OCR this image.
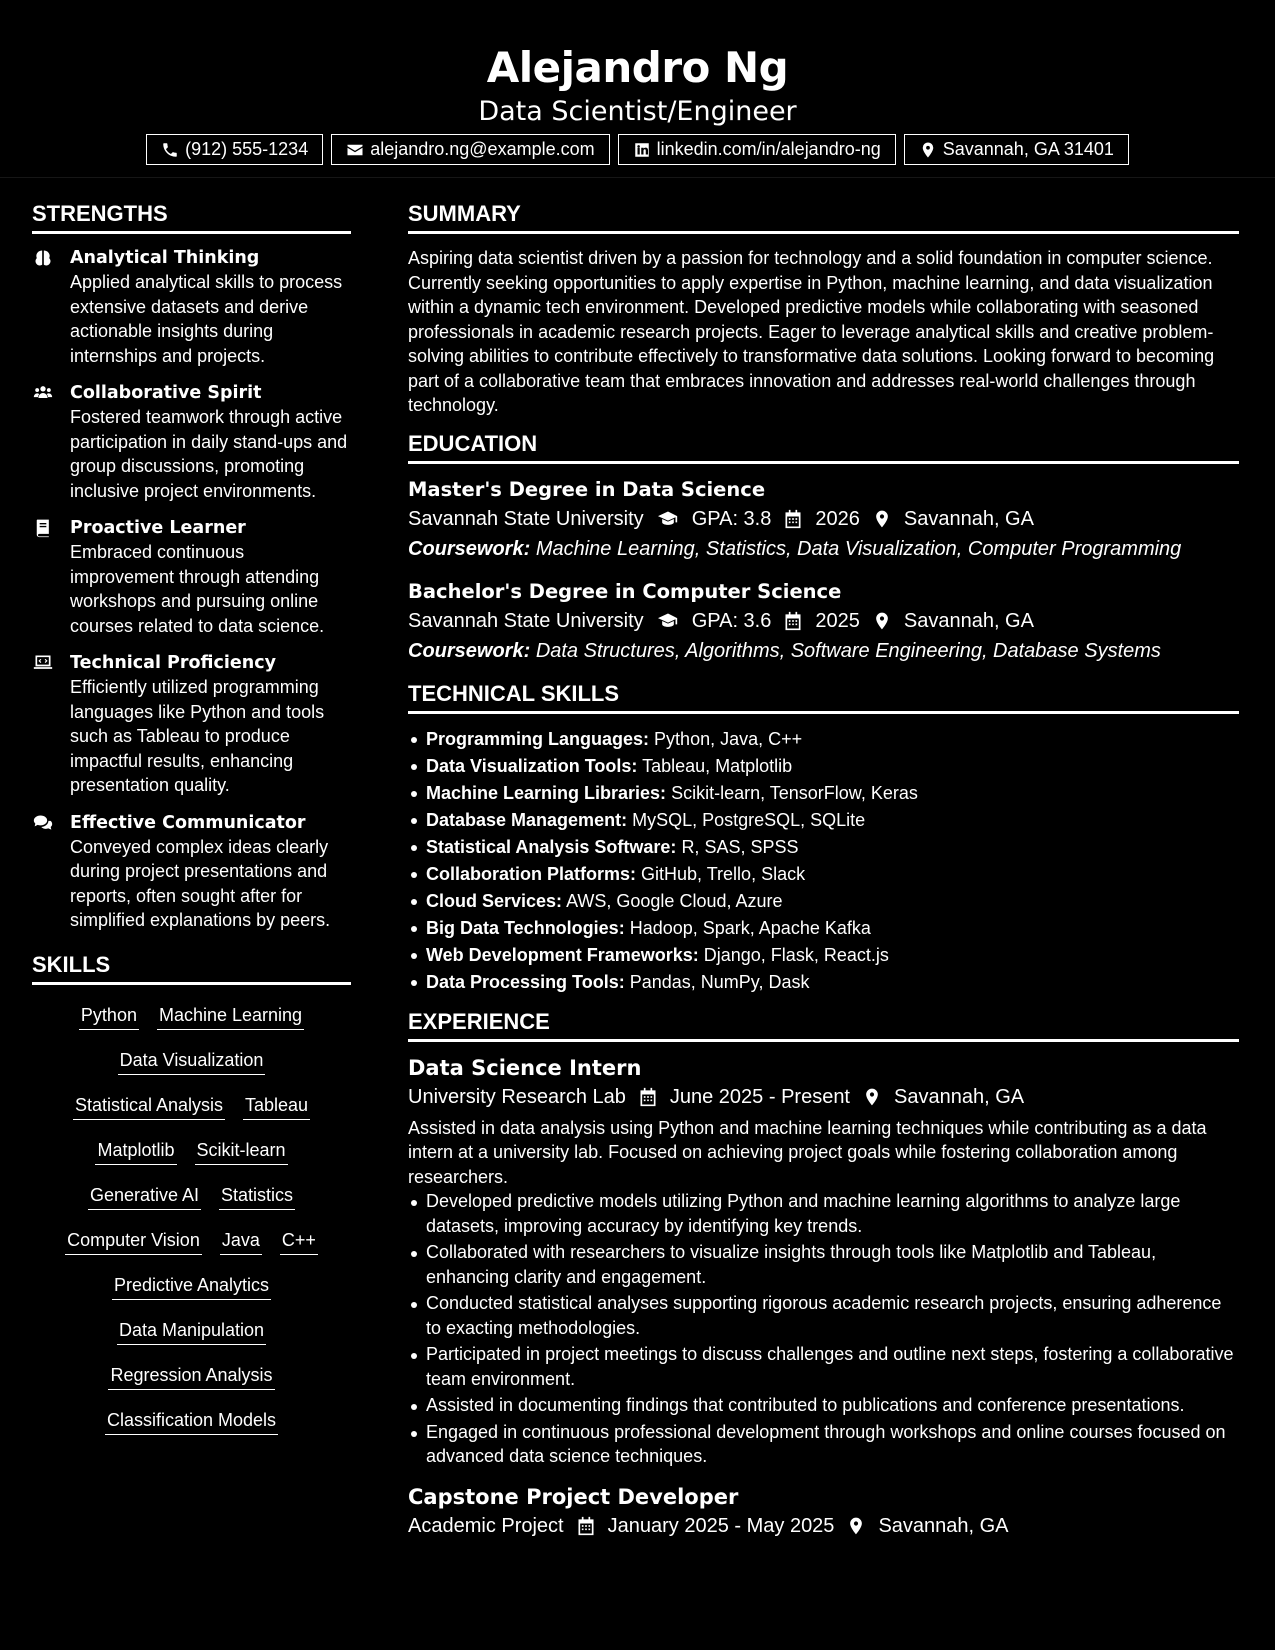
Alejandro Ng
Data Scientist/Engineer
(912) 555-1234	alejandro.ng@example.com	linkedin.com/in/alejandro-ng	Savannah, GA 31401
STRENGTHS
Analytical Thinking

Applied analytical skills to process extensive datasets and derive actionable insights during internships and projects.

Collaborative Spirit

Fostered teamwork through active participation in daily stand-ups and group discussions, promoting inclusive project environments.

Proactive Learner

Embraced continuous improvement through attending workshops and pursuing online courses related to data science.

Technical Proficiency

Efficiently utilized programming languages like Python and tools such as Tableau to produce impactful results, enhancing presentation quality.

Effective Communicator

Conveyed complex ideas clearly during project presentations and reports, often sought after for simplified explanations by peers.

SKILLS
Python Machine Learning
Data Visualization
Statistical Analysis Tableau
Matplotlib Scikit-learn
Generative AI Statistics
Computer Vision Java C++
Predictive Analytics
Data Manipulation
Regression Analysis
Classification Models
SUMMARY

Aspiring data scientist driven by a passion for technology and a solid foundation in computer science. Currently seeking opportunities to apply expertise in Python, machine learning, and data visualization within a dynamic tech environment. Developed predictive models while collaborating with seasoned professionals in academic research projects. Eager to leverage analytical skills and creative problem-solving abilities to contribute effectively to transformative data solutions. Looking forward to becoming part of a collaborative team that embraces innovation and addresses real-world challenges through technology.

EDUCATION
Master's Degree in Data Science
Savannah State University GPA: 3.8 2026 Savannah, GA
Coursework: Machine Learning, Statistics, Data Visualization, Computer Programming
Bachelor's Degree in Computer Science
Savannah State University GPA: 3.6 2025 Savannah, GA
Coursework: Data Structures, Algorithms, Software Engineering, Database Systems
TECHNICAL SKILLS
Programming Languages: Python, Java, C++
Data Visualization Tools: Tableau, Matplotlib
Machine Learning Libraries: Scikit-learn, TensorFlow, Keras
Database Management: MySQL, PostgreSQL, SQLite
Statistical Analysis Software: R, SAS, SPSS
Collaboration Platforms: GitHub, Trello, Slack
Cloud Services: AWS, Google Cloud, Azure
Big Data Technologies: Hadoop, Spark, Apache Kafka
Web Development Frameworks: Django, Flask, React.js
Data Processing Tools: Pandas, NumPy, Dask
EXPERIENCE
Data Science Intern
University Research Lab June 2025 - Present Savannah, GA

Assisted in data analysis using Python and machine learning techniques while contributing as a data intern at a university lab. Focused on achieving project goals while fostering collaboration among researchers.

Developed predictive models utilizing Python and machine learning algorithms to analyze large datasets, improving accuracy by identifying key trends.
Collaborated with researchers to visualize insights through tools like Matplotlib and Tableau, enhancing clarity and engagement.
Conducted statistical analyses supporting rigorous academic research projects, ensuring adherence to exacting methodologies.
Participated in project meetings to discuss challenges and outline next steps, fostering a collaborative team environment.
Assisted in documenting findings that contributed to publications and conference presentations.
Engaged in continuous professional development through workshops and online courses focused on advanced data science techniques.
Capstone Project Developer
Academic Project January 2025 - May 2025 Savannah, GA
